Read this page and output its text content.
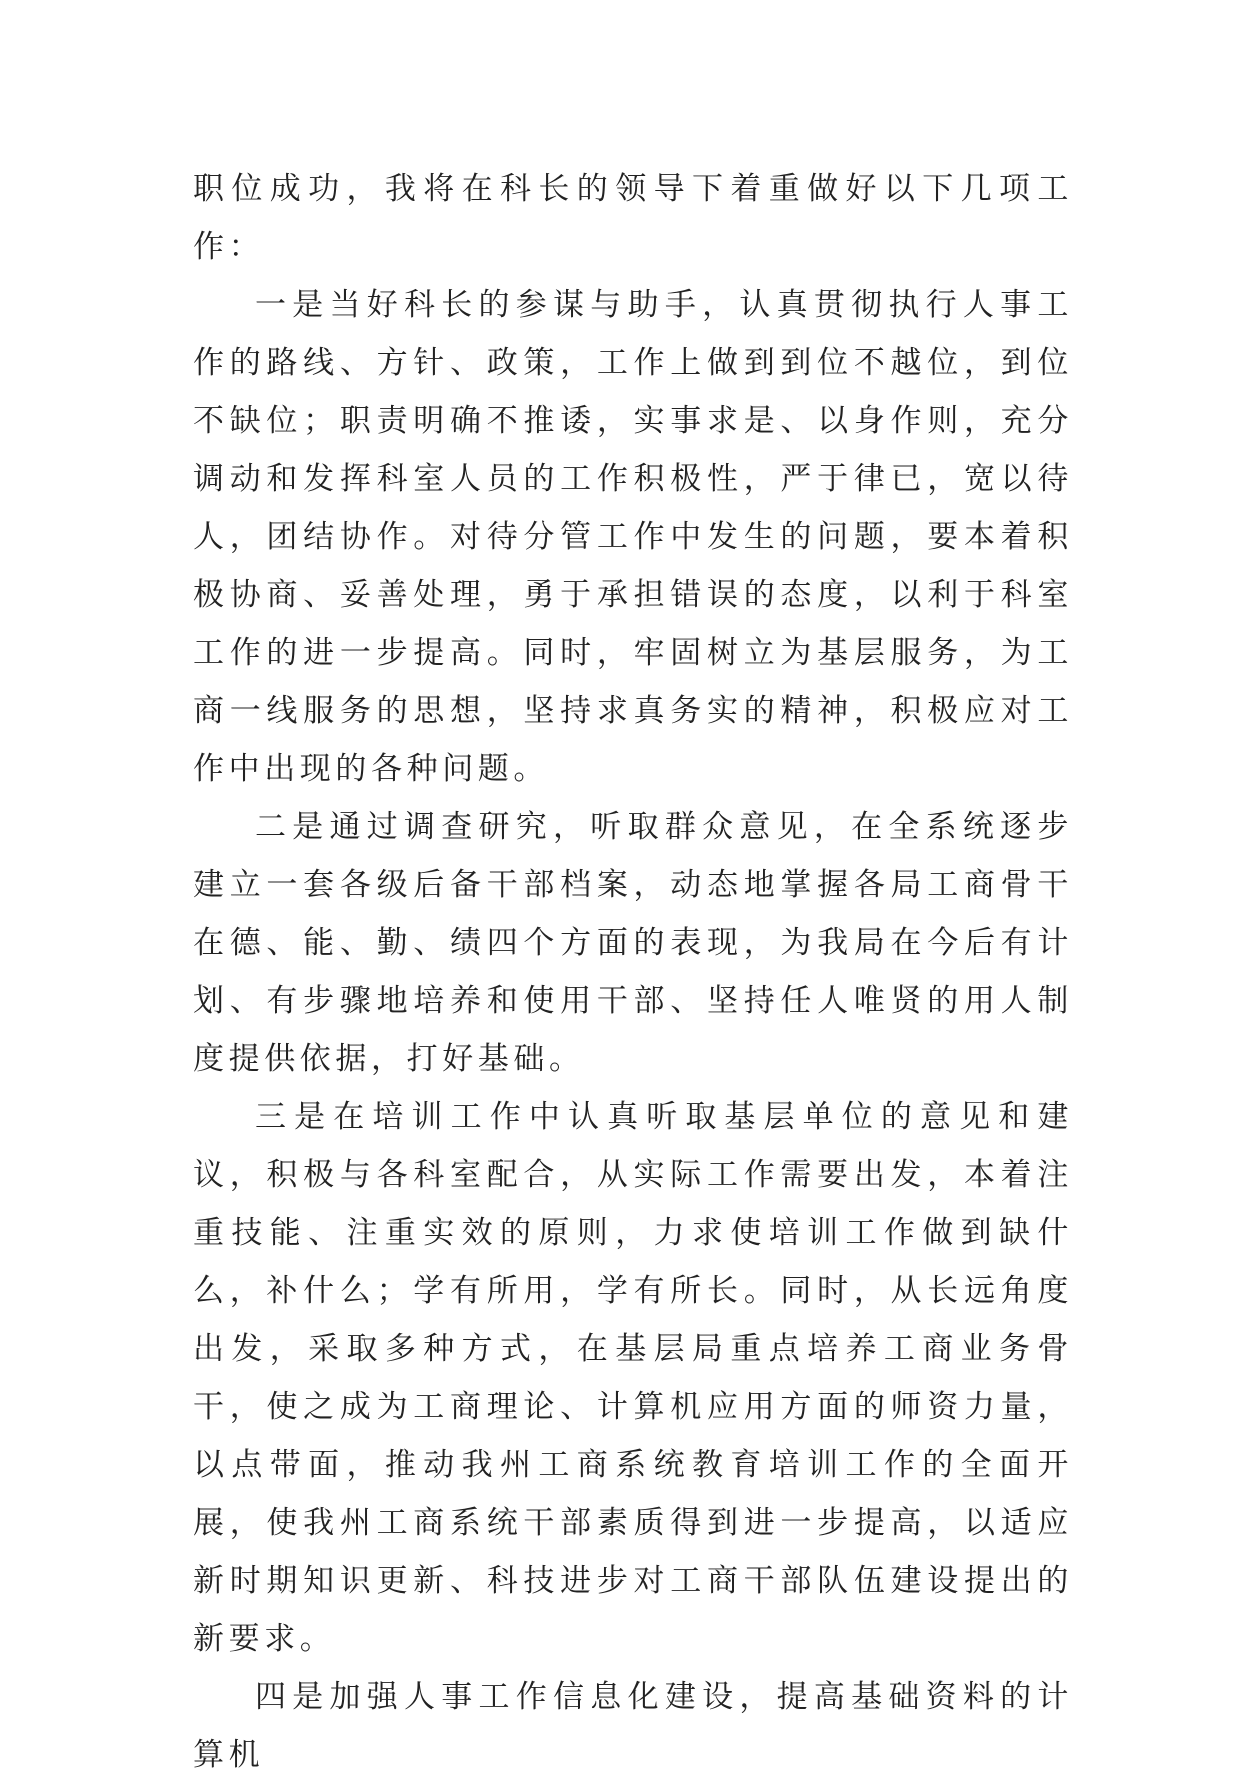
职位成功，我将在科长的领导下着重做好以下几项工作：

一是当好科长的参谋与助手，认真贯彻执行人事工作的路线、方针、政策，工作上做到到位不越位，到位不缺位；职责明确不推诿，实事求是、以身作则，充分调动和发挥科室人员的工作积极性，严于律已，宽以待人，团结协作。对待分管工作中发生的问题，要本着积极协商、妥善处理，勇于承担错误的态度，以利于科室工作的进一步提高。同时，牢固树立为基层服务，为工商一线服务的思想，坚持求真务实的精神，积极应对工作中出现的各种问题。

二是通过调查研究，听取群众意见，在全系统逐步建立一套各级后备干部档案，动态地掌握各局工商骨干在德、能、勤、绩四个方面的表现，为我局在今后有计划、有步骤地培养和使用干部、坚持任人唯贤的用人制度提供依据，打好基础。

三是在培训工作中认真听取基层单位的意见和建议，积极与各科室配合，从实际工作需要出发，本着注重技能、注重实效的原则，力求使培训工作做到缺什么，补什么；学有所用，学有所长。同时，从长远角度出发，采取多种方式，在基层局重点培养工商业务骨干，使之成为工商理论、计算机应用方面的师资力量，以点带面，推动我州工商系统教育培训工作的全面开展，使我州工商系统干部素质得到进一步提高，以适应新时期知识更新、科技进步对工商干部队伍建设提出的新要求。

四是加强人事工作信息化建设，提高基础资料的计算机
